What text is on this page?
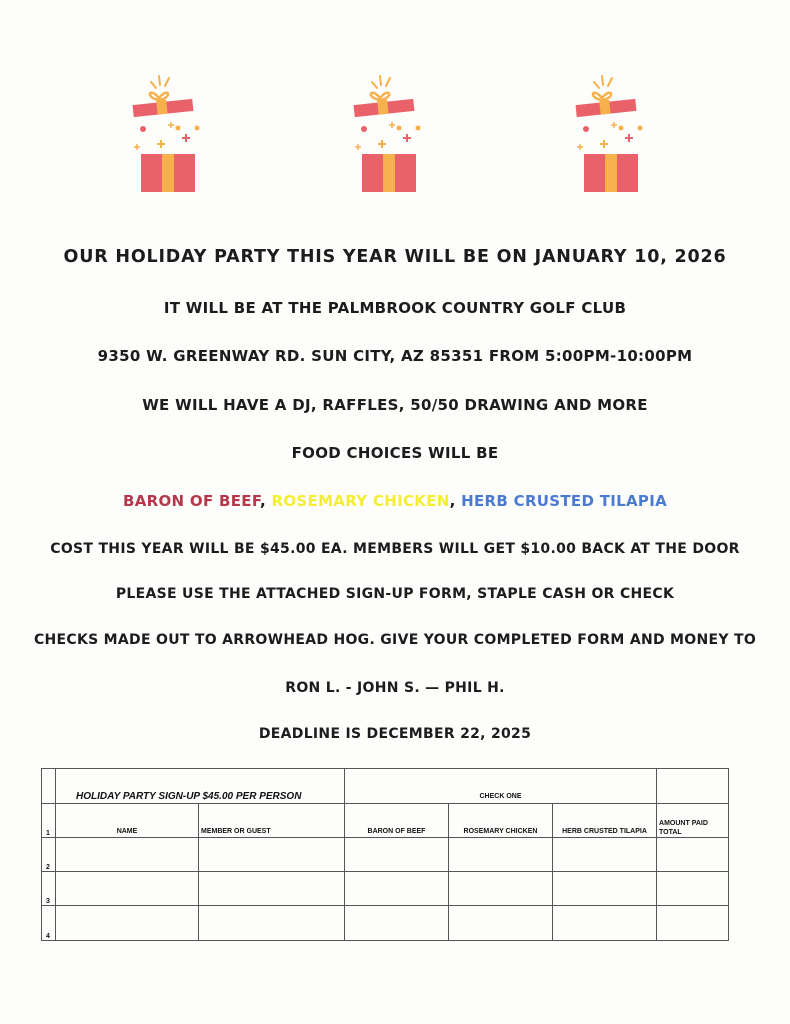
OUR HOLIDAY PARTY THIS YEAR WILL BE ON JANUARY 10, 2026
IT WILL BE AT THE PALMBROOK COUNTRY GOLF CLUB
9350 W. GREENWAY RD. SUN CITY, AZ 85351 FROM 5:00PM-10:00PM
WE WILL HAVE A DJ, RAFFLES, 50/50 DRAWING AND MORE
FOOD CHOICES WILL BE
BARON OF BEEF, ROSEMARY CHICKEN, HERB CRUSTED TILAPIA
COST THIS YEAR WILL BE $45.00 EA. MEMBERS WILL GET $10.00 BACK AT THE DOOR
PLEASE USE THE ATTACHED SIGN-UP FORM, STAPLE CASH OR CHECK
CHECKS MADE OUT TO ARROWHEAD HOG. GIVE YOUR COMPLETED FORM AND MONEY TO
RON L. - JOHN S. — PHIL H.
DEADLINE IS DECEMBER 22, 2025
	HOLIDAY PARTY SIGN-UP $45.00 PER PERSON		CHECK ONE			
1	NAME	MEMBER OR GUEST	BARON OF BEEF	ROSEMARY CHICKEN	HERB CRUSTED TILAPIA	AMOUNT PAID TOTAL
2						
3						
4						
